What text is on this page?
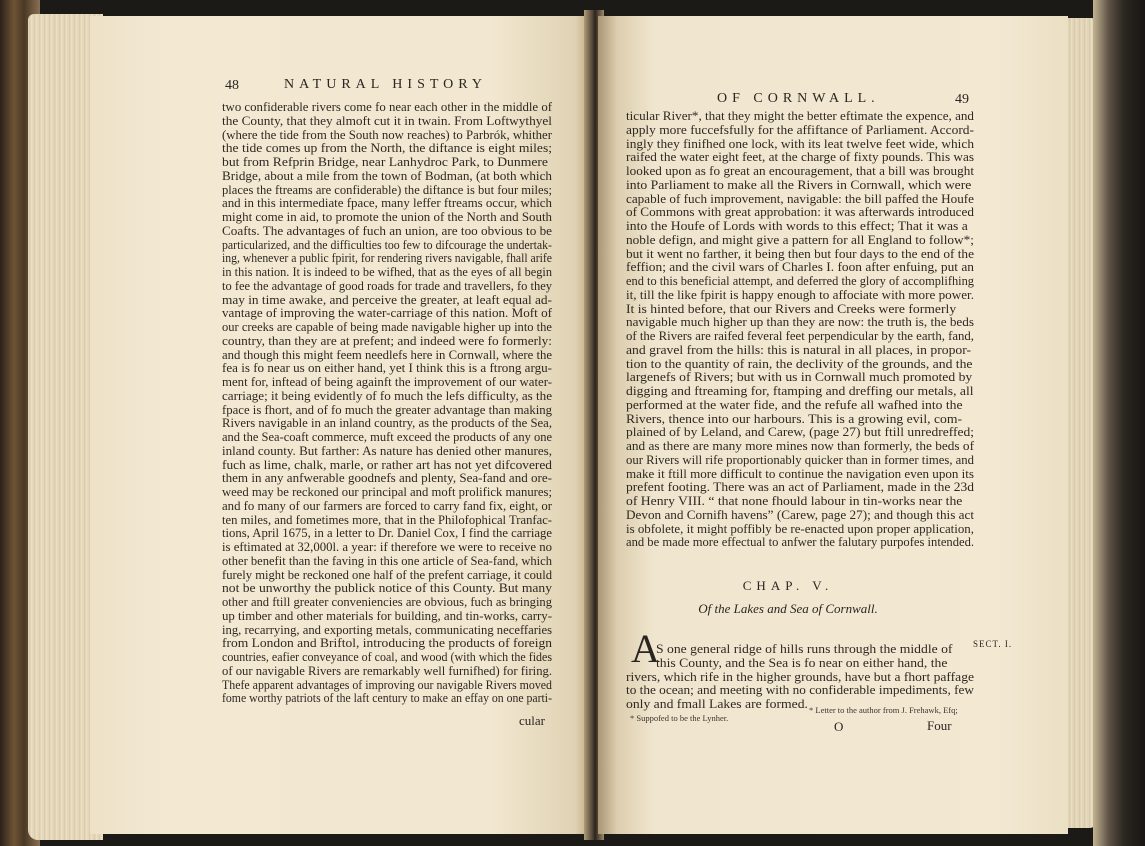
48	NATURAL HISTORY
two confiderable rivers come fo near each other in the middle of
the County, that they almoft cut it in twain. From Loftwythyel
(where the tide from the South now reaches) to Parbrók, whither
the tide comes up from the North, the diftance is eight miles;
but from Refprin Bridge, near Lanhydroc Park, to Dunmere
Bridge, about a mile from the town of Bodman, (at both which
places the ftreams are confiderable) the diftance is but four miles;
and in this intermediate fpace, many leffer ftreams occur, which
might come in aid, to promote the union of the North and South
Coafts. The advantages of fuch an union, are too obvious to be
particularized, and the difficulties too few to difcourage the undertak-
ing, whenever a public fpirit, for rendering rivers navigable, fhall arife
in this nation. It is indeed to be wifhed, that as the eyes of all begin
to fee the advantage of good roads for trade and travellers, fo they
may in time awake, and perceive the greater, at leaft equal ad-
vantage of improving the water-carriage of this nation. Moft of
our creeks are capable of being made navigable higher up into the
country, than they are at prefent; and indeed were fo formerly:
and though this might feem needlefs here in Cornwall, where the
fea is fo near us on either hand, yet I think this is a ftrong argu-
ment for, inftead of being againft the improvement of our water-
carriage; it being evidently of fo much the lefs difficulty, as the
fpace is fhort, and of fo much the greater advantage than making
Rivers navigable in an inland country, as the products of the Sea,
and the Sea-coaft commerce, muft exceed the products of any one
inland county. But farther: As nature has denied other manures,
fuch as lime, chalk, marle, or rather art has not yet difcovered
them in any anfwerable goodnefs and plenty, Sea-fand and ore-
weed may be reckoned our principal and moft prolifick manures;
and fo many of our farmers are forced to carry fand fix, eight, or
ten miles, and fometimes more, that in the Philofophical Tranfac-
tions, April 1675, in a letter to Dr. Daniel Cox, I find the carriage
is eftimated at 32,000l. a year: if therefore we were to receive no
other benefit than the faving in this one article of Sea-fand, which
furely might be reckoned one half of the prefent carriage, it could
not be unworthy the publick notice of this County. But many
other and ftill greater conveniencies are obvious, fuch as bringing
up timber and other materials for building, and tin-works, carry-
ing, recarrying, and exporting metals, communicating neceffaries
from London and Briftol, introducing the products of foreign
countries, eafier conveyance of coal, and wood (with which the fides
of our navigable Rivers are remarkably well furnifhed) for firing.
Thefe apparent advantages of improving our navigable Rivers moved
fome worthy patriots of the laft century to make an effay on one parti-
cular
OF CORNWALL.	49
ticular River*, that they might the better eftimate the expence, and
apply more fuccefsfully for the affiftance of Parliament. Accord-
ingly they finifhed one lock, with its leat twelve feet wide, which
raifed the water eight feet, at the charge of fixty pounds. This was
looked upon as fo great an encouragement, that a bill was brought
into Parliament to make all the Rivers in Cornwall, which were
capable of fuch improvement, navigable: the bill paffed the Houfe
of Commons with great approbation: it was afterwards introduced
into the Houfe of Lords with words to this effect; That it was a
noble defign, and might give a pattern for all England to follow*;
but it went no farther, it being then but four days to the end of the
feffion; and the civil wars of Charles I. foon after enfuing, put an
end to this beneficial attempt, and deferred the glory of accomplifhing
it, till the like fpirit is happy enough to affociate with more power.
It is hinted before, that our Rivers and Creeks were formerly
navigable much higher up than they are now: the truth is, the beds
of the Rivers are raifed feveral feet perpendicular by the earth, fand,
and gravel from the hills: this is natural in all places, in propor-
tion to the quantity of rain, the declivity of the grounds, and the
largenefs of Rivers; but with us in Cornwall much promoted by
digging and ftreaming for, ftamping and dreffing our metals, all
performed at the water fide, and the refufe all wafhed into the
Rivers, thence into our harbours. This is a growing evil, com-
plained of by Leland, and Carew, (page 27) but ftill unredreffed;
and as there are many more mines now than formerly, the beds of
our Rivers will rife proportionably quicker than in former times, and
make it ftill more difficult to continue the navigation even upon its
prefent footing. There was an act of Parliament, made in the 23d
of Henry VIII. “ that none fhould labour in tin-works near the
Devon and Cornifh havens” (Carew, page 27); and though this act
is obfolete, it might poffibly be re-enacted upon proper application,
and be made more effectual to anfwer the falutary purpofes intended.
CHAP. V.
Of the Lakes and Sea of Cornwall.
A
S one general ridge of hills runs through the middle of
this County, and the Sea is fo near on either hand, the
rivers, which rife in the higher grounds, have but a fhort paffage
to the ocean; and meeting with no confiderable impediments, few
only and fmall Lakes are formed.
SECT. I.
* Suppofed to be the Lynher.
* Letter to the author from J. Frehawk, Efq;
O	Four
